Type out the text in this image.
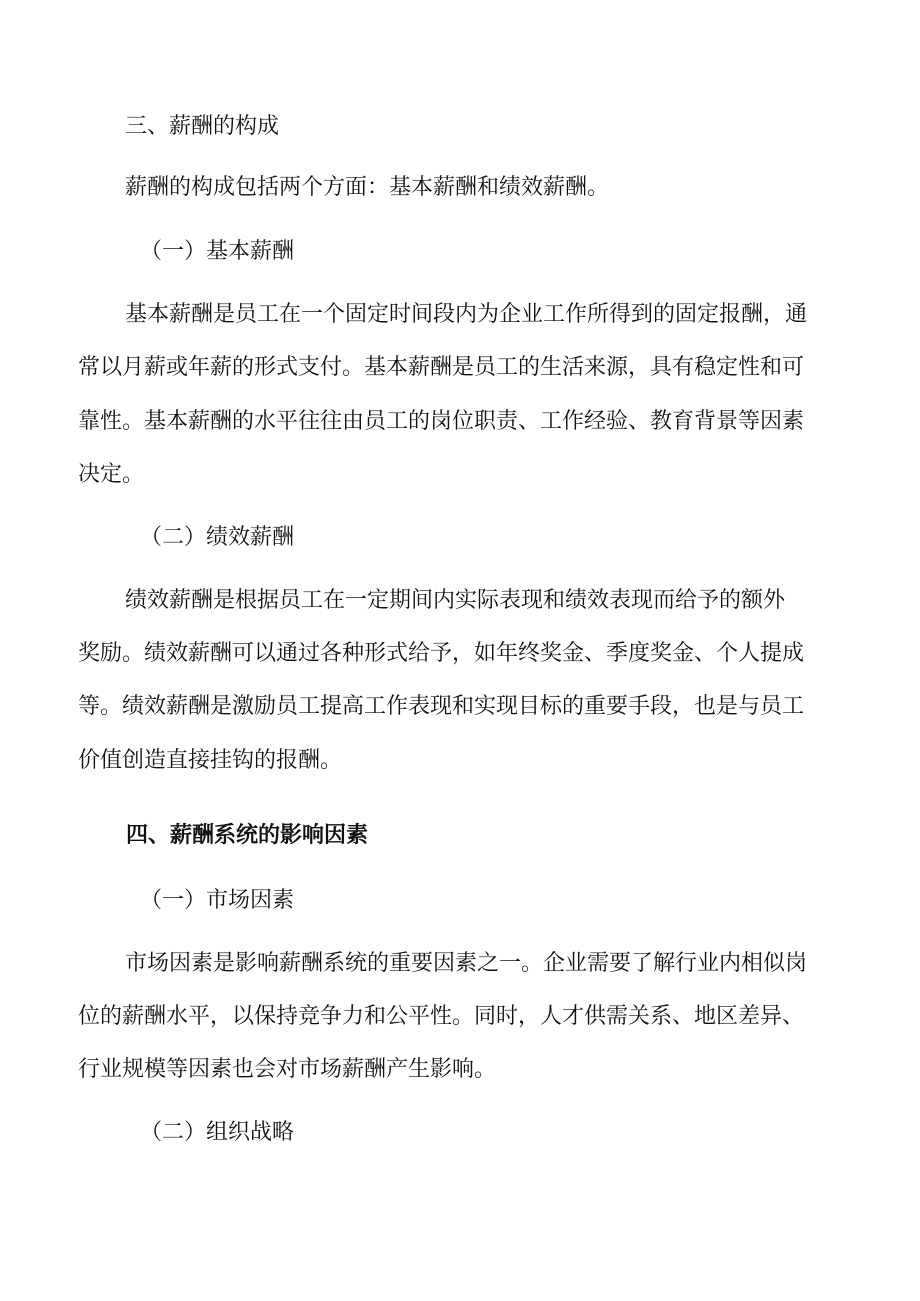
三、薪酬的构成

薪酬的构成包括两个方面：基本薪酬和绩效薪酬。

（一）基本薪酬

基本薪酬是员工在一个固定时间段内为企业工作所得到的固定报酬，通

常以月薪或年薪的形式支付。基本薪酬是员工的生活来源，具有稳定性和可

靠性。基本薪酬的水平往往由员工的岗位职责、工作经验、教育背景等因素

决定。

（二）绩效薪酬

绩效薪酬是根据员工在一定期间内实际表现和绩效表现而给予的额外

奖励。绩效薪酬可以通过各种形式给予，如年终奖金、季度奖金、个人提成

等。绩效薪酬是激励员工提高工作表现和实现目标的重要手段，也是与员工

价值创造直接挂钩的报酬。

四、薪酬系统的影响因素

（一）市场因素

市场因素是影响薪酬系统的重要因素之一。企业需要了解行业内相似岗

位的薪酬水平，以保持竞争力和公平性。同时，人才供需关系、地区差异、

行业规模等因素也会对市场薪酬产生影响。

（二）组织战略
